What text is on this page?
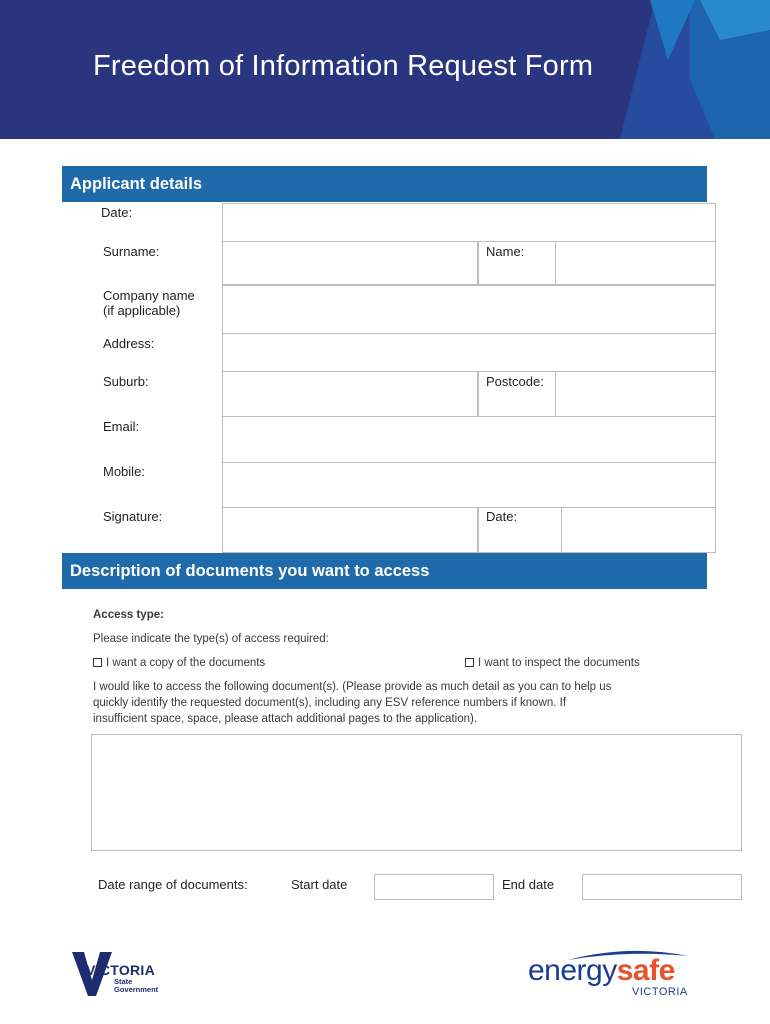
Freedom of Information Request Form
Applicant details
Date:
Surname:	Name:
Company name
(if applicable)
Address:
Suburb:	Postcode:
Email:
Mobile:
Signature:	Date:
Description of documents you want to access
Access type:
Please indicate the type(s) of access required:
I want a copy of the documents	I want to inspect the documents
I would like to access the following document(s). (Please provide as much detail as you can to help us
quickly identify the requested document(s), including any ESV reference numbers if known. If
insufficient space, space, please attach additional pages to the application).
Date range of documents:	Start date	End date
VICTORIA
State
Government
energysafe
VICTORIA
